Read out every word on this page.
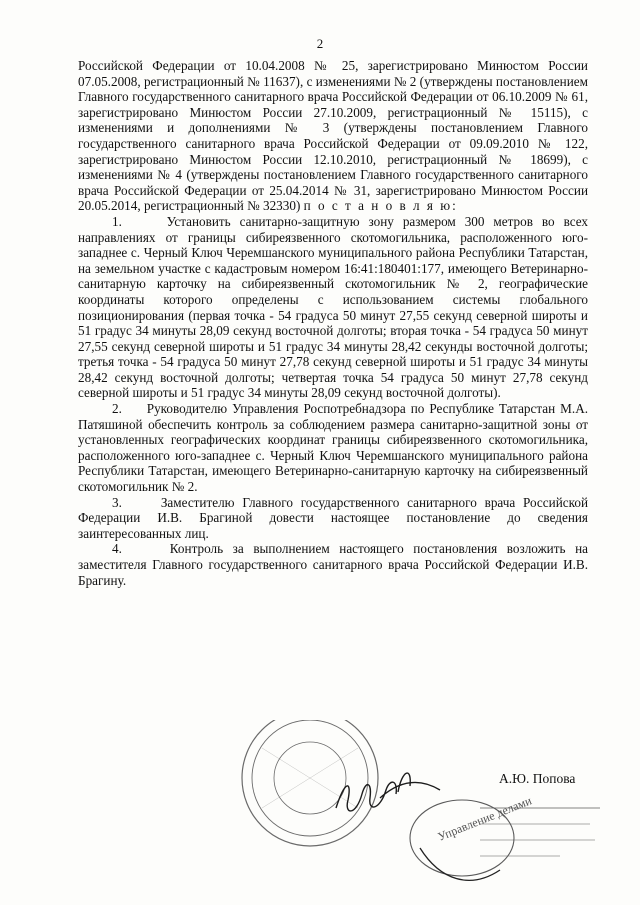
2

Российской Федерации от 10.04.2008 № 25, зарегистрировано Минюстом России 07.05.2008, регистрационный № 11637), с изменениями № 2 (утверждены постановлением Главного государственного санитарного врача Российской Федерации от 06.10.2009 № 61, зарегистрировано Минюстом России 27.10.2009, регистрационный № 15115), с изменениями и дополнениями № 3 (утверждены постановлением Главного государственного санитарного врача Российской Федерации от 09.09.2010 № 122, зарегистрировано Минюстом России 12.10.2010, регистрационный № 18699), с изменениями № 4 (утверждены постановлением Главного государственного санитарного врача Российской Федерации от 25.04.2014 № 31, зарегистрировано Минюстом России 20.05.2014, регистрационный № 32330) п о с т а н о в л я ю:

1.	Установить санитарно-защитную зону размером 300 метров во всех направлениях от границы сибиреязвенного скотомогильника, расположенного юго-западнее с. Черный Ключ Черемшанского муниципального района Республики Татарстан, на земельном участке с кадастровым номером 16:41:180401:177, имеющего Ветеринарно-санитарную карточку на сибиреязвенный скотомогильник № 2, географические координаты которого определены с использованием системы глобального позиционирования (первая точка - 54 градуса 50 минут 27,55 секунд северной широты и 51 градус 34 минуты 28,09 секунд восточной долготы; вторая точка - 54 градуса 50 минут 27,55 секунд северной широты и 51 градус 34 минуты 28,42 секунды восточной долготы; третья точка - 54 градуса 50 минут 27,78 секунд северной широты и 51 градус 34 минуты 28,42 секунд восточной долготы; четвертая точка 54 градуса 50 минут 27,78 секунд северной широты и 51 градус 34 минуты 28,09 секунд восточной долготы).

2. Руководителю Управления Роспотребнадзора по Республике Татарстан М.А. Патяшиной обеспечить контроль за соблюдением размера санитарно-защитной зоны от установленных географических координат границы сибиреязвенного скотомогильника, расположенного юго-западнее с. Черный Ключ Черемшанского муниципального района Республики Татарстан, имеющего Ветеринарно-санитарную карточку на сибиреязвенный скотомогильник № 2.

3.	Заместителю Главного государственного санитарного врача Российской Федерации И.В. Брагиной довести настоящее постановление до сведения заинтересованных лиц.

4.	Контроль за выполнением настоящего постановления возложить на заместителя Главного государственного санитарного врача Российской Федерации И.В. Брагину.

Управление делами
А.Ю. Попова
